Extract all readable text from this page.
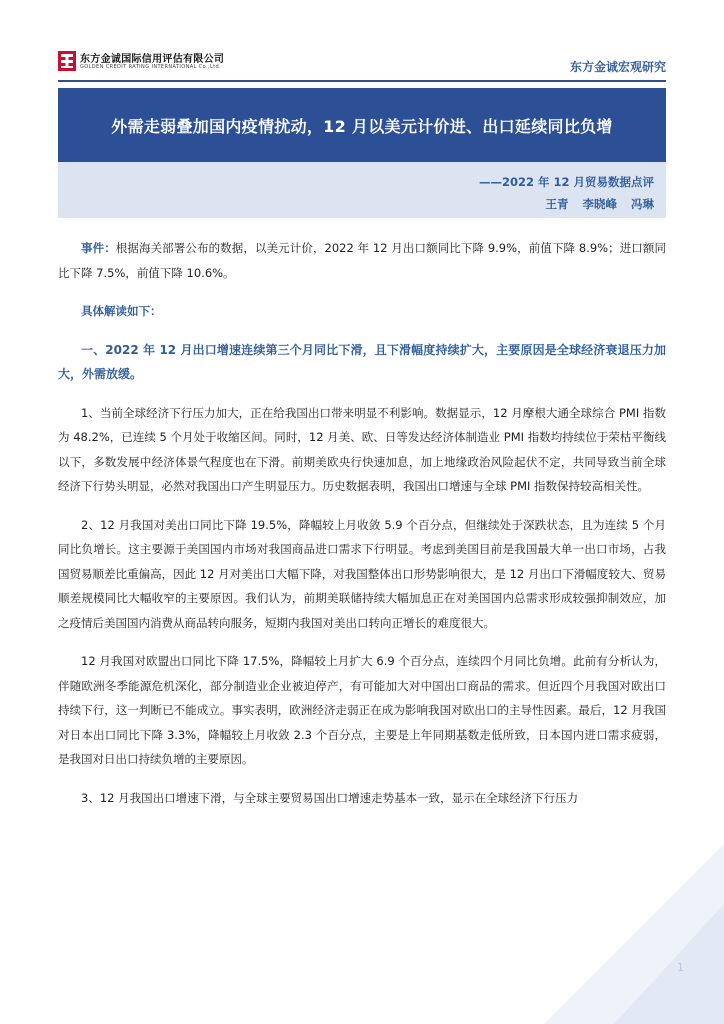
东方金诚国际信用评估有限公司
GOLDEN CREDIT RATING INTERNATIONAL Co.,Ltd.	东方金诚宏观研究
外需走弱叠加国内疫情扰动，12 月以美元计价进、出口延续同比负增
——2022 年 12 月贸易数据点评
王青 李晓峰 冯琳

事件：根据海关部署公布的数据，以美元计价，2022 年 12 月出口额同比下降 9.9%，前值下降 8.9%；进口额同比下降 7.5%，前值下降 10.6%。

具体解读如下：

一、2022 年 12 月出口增速连续第三个月同比下滑，且下滑幅度持续扩大，主要原因是全球经济衰退压力加大，外需放缓。

1、当前全球经济下行压力加大，正在给我国出口带来明显不利影响。数据显示，12 月摩根大通全球综合 PMI 指数为 48.2%，已连续 5 个月处于收缩区间。同时，12 月美、欧、日等发达经济体制造业 PMI 指数均持续位于荣枯平衡线以下，多数发展中经济体景气程度也在下滑。前期美欧央行快速加息，加上地缘政治风险起伏不定，共同导致当前全球经济下行势头明显，必然对我国出口产生明显压力。历史数据表明，我国出口增速与全球 PMI 指数保持较高相关性。

2、12 月我国对美出口同比下降 19.5%，降幅较上月收敛 5.9 个百分点，但继续处于深跌状态，且为连续 5 个月同比负增长。这主要源于美国国内市场对我国商品进口需求下行明显。考虑到美国目前是我国最大单一出口市场，占我国贸易顺差比重偏高，因此 12 月对美出口大幅下降，对我国整体出口形势影响很大，是 12 月出口下滑幅度较大、贸易顺差规模同比大幅收窄的主要原因。我们认为，前期美联储持续大幅加息正在对美国国内总需求形成较强抑制效应，加之疫情后美国国内消费从商品转向服务，短期内我国对美出口转向正增长的难度很大。

12 月我国对欧盟出口同比下降 17.5%，降幅较上月扩大 6.9 个百分点，连续四个月同比负增。此前有分析认为，伴随欧洲冬季能源危机深化，部分制造业企业被迫停产，有可能加大对中国出口商品的需求。但近四个月我国对欧出口持续下行，这一判断已不能成立。事实表明，欧洲经济走弱正在成为影响我国对欧出口的主导性因素。最后，12 月我国对日本出口同比下降 3.3%，降幅较上月收敛 2.3 个百分点，主要是上年同期基数走低所致，日本国内进口需求疲弱，是我国对日出口持续负增的主要原因。

3、12 月我国出口增速下滑，与全球主要贸易国出口增速走势基本一致，显示在全球经济下行压力

1
